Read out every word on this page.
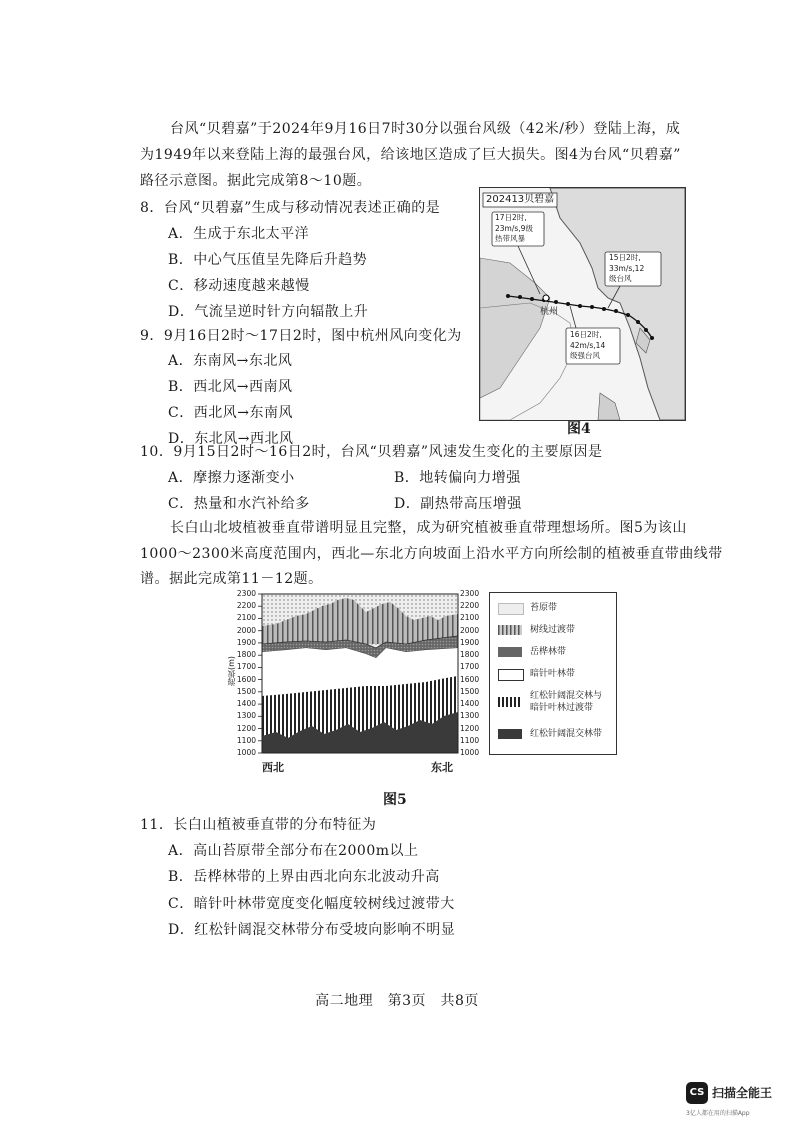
台风“贝碧嘉”于2024年9月16日7时30分以强台风级（42米/秒）登陆上海，成
为1949年以来登陆上海的最强台风，给该地区造成了巨大损失。图4为台风“贝碧嘉”
路径示意图。据此完成第8～10题。
8．台风“贝碧嘉”生成与移动情况表述正确的是
A．生成于东北太平洋
B．中心气压值呈先降后升趋势
C．移动速度越来越慢
D．气流呈逆时针方向辐散上升
9．9月16日2时～17日2时，图中杭州风向变化为
A．东南风→东北风
B．西北风→西南风
C．西北风→东南风
D．东北风→西北风
202413贝碧嘉
17日2时,
23m/s,9级
热带风暴
15日2时,
33m/s,12
级台风
16日2时,
42m/s,14
级强台风
杭州
图4
10．9月15日2时～16日2时，台风“贝碧嘉”风速发生变化的主要原因是
A．摩擦力逐渐变小	B．地转偏向力增强
C．热量和水汽补给多	D．副热带高压增强
长白山北坡植被垂直带谱明显且完整，成为研究植被垂直带理想场所。图5为该山
1000～2300米高度范围内，西北—东北方向坡面上沿水平方向所绘制的植被垂直带曲线带
谱。据此完成第11－12题。
海拔(m)
2300
2200
2100
2000
1900
1800
1700
1600
1500
1400
1300
1200
1100
1000
2300
2200
2100
2000
1900
1800
1700
1600
1500
1400
1300
1200
1100
1000
西北	东北
苔原带
树线过渡带
岳桦林带
暗针叶林带
红松针阔混交林与
暗针叶林过渡带
红松针阔混交林带
图5
11．长白山植被垂直带的分布特征为
A．高山苔原带全部分布在2000m以上
B．岳桦林带的上界由西北向东北波动升高
C．暗针叶林带宽度变化幅度较树线过渡带大
D．红松针阔混交林带分布受坡向影响不明显
高二地理　第3页　共8页
CS 扫描全能王
3亿人都在用的扫描App
